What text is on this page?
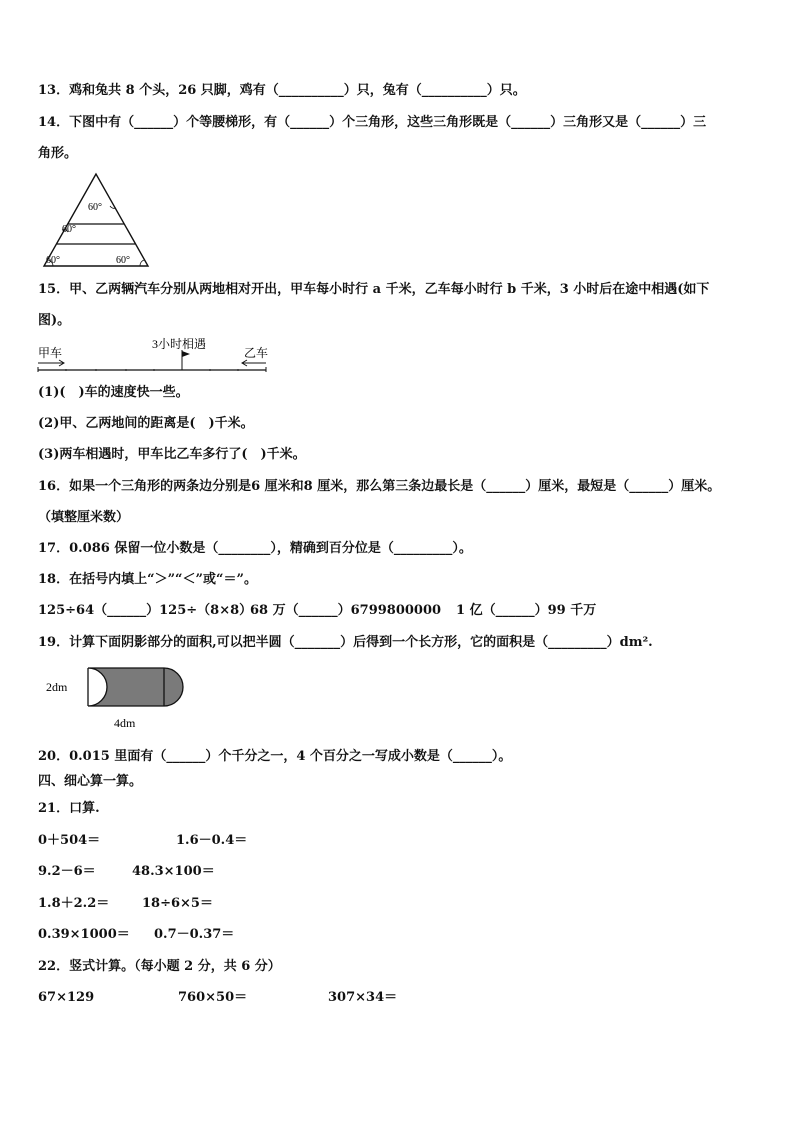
13．鸡和兔共 8 个头，26 只脚，鸡有（__________）只，兔有（__________）只。
14．下图中有（______）个等腰梯形，有（______）个三角形，这些三角形既是（______）三角形又是（______）三
角形。
60°
60°
60°	60°
15．甲、乙两辆汽车分别从两地相对开出，甲车每小时行 a 千米，乙车每小时行 b 千米，3 小时后在途中相遇(如下
图)。
甲车
3小时相遇
乙车
(1)(　)车的速度快一些。
(2)甲、乙两地间的距离是(　)千米。
(3)两车相遇时，甲车比乙车多行了(　)千米。
16．如果一个三角形的两条边分别是6 厘米和8 厘米，那么第三条边最长是（______）厘米，最短是（______）厘米。
（填整厘米数）
17．0.086 保留一位小数是（________），精确到百分位是（_________）。
18．在括号内填上“＞”“＜”或“＝”。
125÷64（______）125÷（8×8）
68 万（______）6799800000 1 亿（______）99 千万
19．计算下面阴影部分的面积,可以把半圆（_______）后得到一个长方形，它的面积是（_________）dm².
2dm
4dm
20．0.015 里面有（______）个千分之一，4 个百分之一写成小数是（______）。
四、细心算一算。
21．口算.
0＋504＝	1.6－0.4＝
9.2－6＝	48.3×100＝
1.8＋2.2＝	18÷6×5＝
0.39×1000＝ 0.7－0.37＝
22．竖式计算。（每小题 2 分，共 6 分）
67×129	760×50＝	307×34＝
